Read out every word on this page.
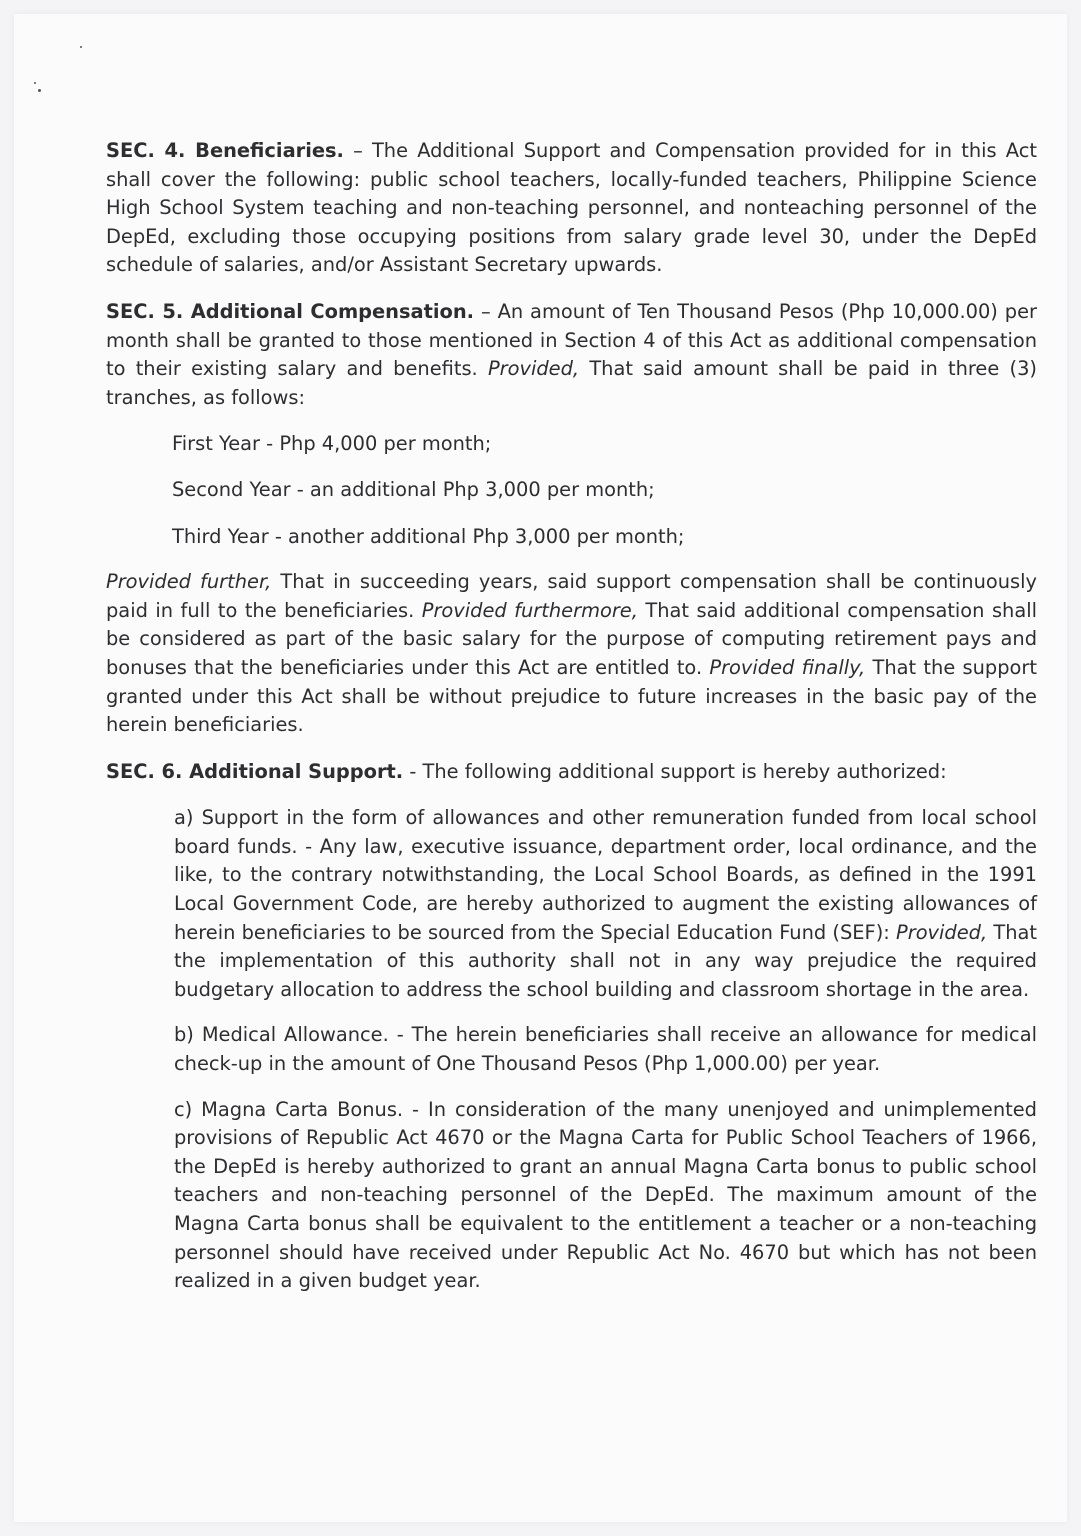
SEC. 4. Beneficiaries. – The Additional Support and Compensation provided for in this Act shall cover the following: public school teachers, locally-funded teachers, Philippine Science High School System teaching and non-teaching personnel, and nonteaching personnel of the DepEd, excluding those occupying positions from salary grade level 30, under the DepEd schedule of salaries, and/or Assistant Secretary upwards.

SEC. 5. Additional Compensation. – An amount of Ten Thousand Pesos (Php 10,000.00) per month shall be granted to those mentioned in Section 4 of this Act as additional compensation to their existing salary and benefits. Provided, That said amount shall be paid in three (3) tranches, as follows:

First Year - Php 4,000 per month;

Second Year - an additional Php 3,000 per month;

Third Year - another additional Php 3,000 per month;

Provided further, That in succeeding years, said support compensation shall be continuously paid in full to the beneficiaries. Provided furthermore, That said additional compensation shall be considered as part of the basic salary for the purpose of computing retirement pays and bonuses that the beneficiaries under this Act are entitled to. Provided finally, That the support granted under this Act shall be without prejudice to future increases in the basic pay of the herein beneficiaries.

SEC. 6. Additional Support. - The following additional support is hereby authorized:

a) Support in the form of allowances and other remuneration funded from local school board funds. - Any law, executive issuance, department order, local ordinance, and the like, to the contrary notwithstanding, the Local School Boards, as defined in the 1991 Local Government Code, are hereby authorized to augment the existing allowances of herein beneficiaries to be sourced from the Special Education Fund (SEF): Provided, That the implementation of this authority shall not in any way prejudice the required budgetary allocation to address the school building and classroom shortage in the area.

b) Medical Allowance. - The herein beneficiaries shall receive an allowance for medical check-up in the amount of One Thousand Pesos (Php 1,000.00) per year.

c) Magna Carta Bonus. - In consideration of the many unenjoyed and unimplemented provisions of Republic Act 4670 or the Magna Carta for Public School Teachers of 1966, the DepEd is hereby authorized to grant an annual Magna Carta bonus to public school teachers and non-teaching personnel of the DepEd. The maximum amount of the Magna Carta bonus shall be equivalent to the entitlement a teacher or a non-teaching personnel should have received under Republic Act No. 4670 but which has not been realized in a given budget year.
